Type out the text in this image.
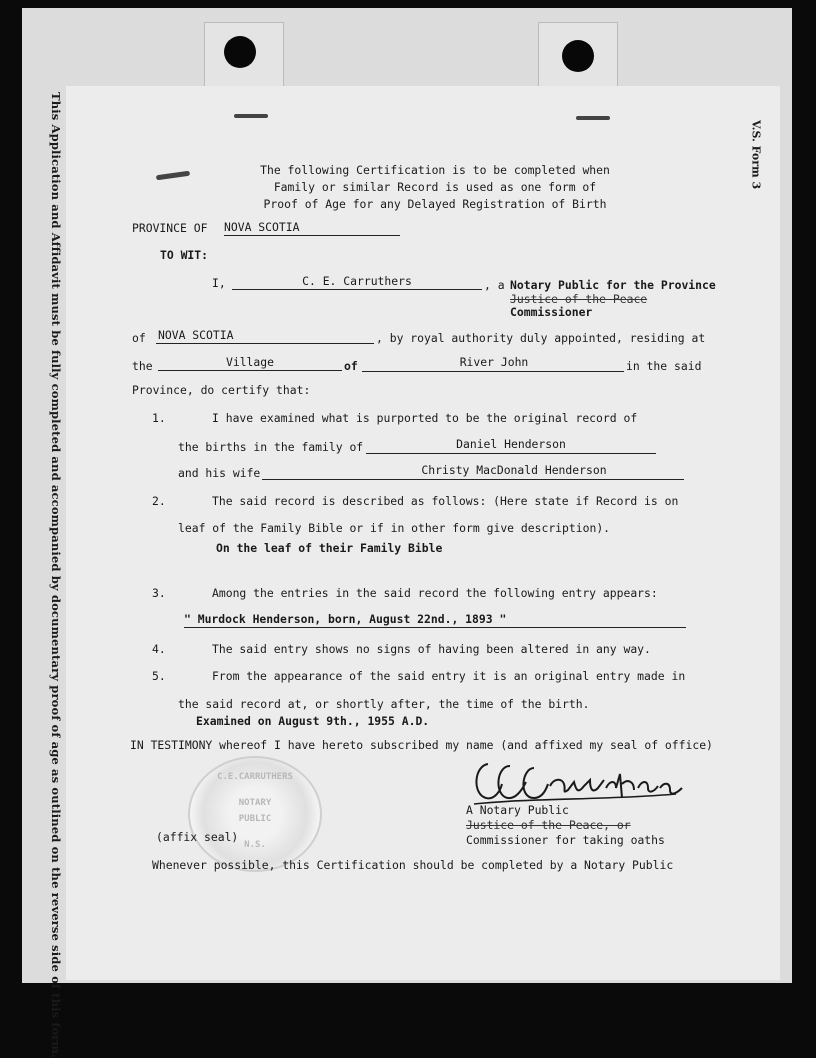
This Application and Affidavit must be fully completed and accompanied by documentary proof of age as outlined on the reverse side of this form.	V.S. Form 3
The following Certification is to be completed when
Family or similar Record is used as one form of
Proof of Age for any Delayed Registration of Birth
PROVINCE OF NOVA SCOTIA
TO WIT:
I,	C. E. Carruthers	, a Notary Public for the Province
Justice of the Peace
Commissioner
of NOVA SCOTIA	, by royal authority duly appointed, residing at
the	Village	of	River John	in the said
Province, do certify that:
1.	I have examined what is purported to be the original record of
the births in the family of	Daniel Henderson
and his wife	Christy MacDonald Henderson
2.	The said record is described as follows: (Here state if Record is on
leaf of the Family Bible or if in other form give description).
On the leaf of their Family Bible
3.	Among the entries in the said record the following entry appears:
" Murdock Henderson, born, August 22nd., 1893 "
4.	The said entry shows no signs of having been altered in any way.
5.	From the appearance of the said entry it is an original entry made in
the said record at, or shortly after, the time of the birth.
Examined on August 9th., 1955 A.D.
IN TESTIMONY whereof I have hereto subscribed my name (and affixed my seal of office)
C.E.CARRUTHERS
NOTARY
PUBLIC
N.S.
C.E.Carruthers
A Notary Public
Justice of the Peace, or
Commissioner for taking oaths
(affix seal)
Whenever possible, this Certification should be completed by a Notary Public
